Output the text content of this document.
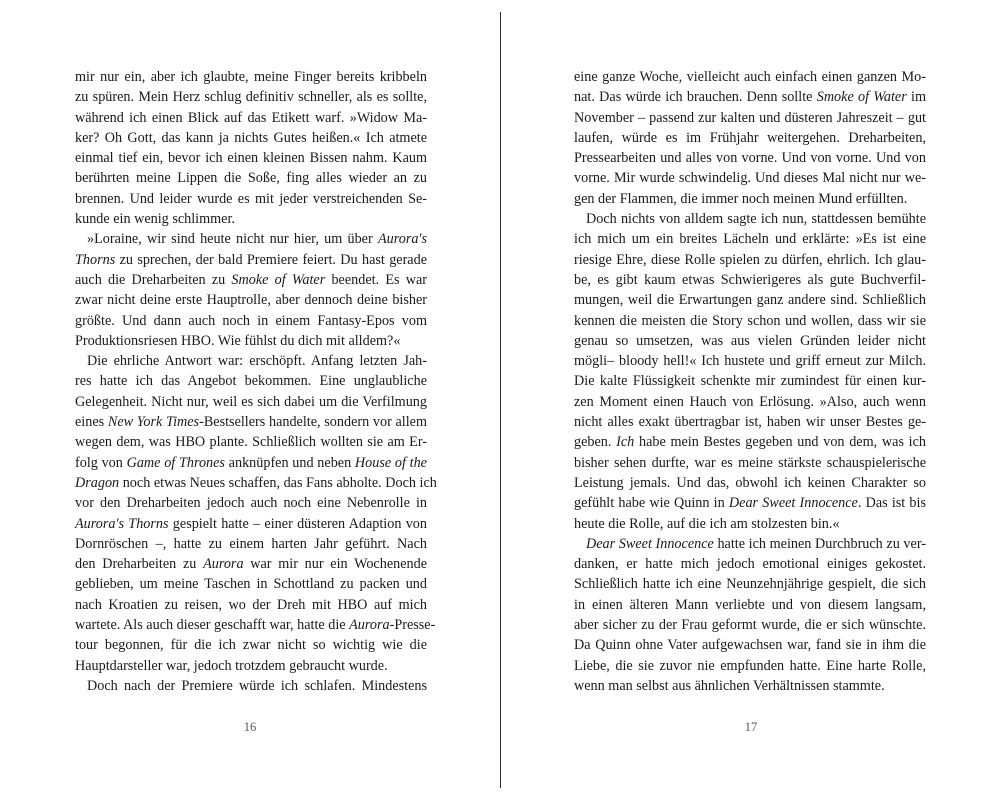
mir nur ein, aber ich glaubte, meine Finger bereits kribbeln
zu spüren. Mein Herz schlug definitiv schneller, als es sollte,
während ich einen Blick auf das Etikett warf. »Widow Ma-
ker? Oh Gott, das kann ja nichts Gutes heißen.« Ich atmete
einmal tief ein, bevor ich einen kleinen Bissen nahm. Kaum
berührten meine Lippen die Soße, fing alles wieder an zu
brennen. Und leider wurde es mit jeder verstreichenden Se-
kunde ein wenig schlimmer.
»Loraine, wir sind heute nicht nur hier, um über Aurora's
Thorns zu sprechen, der bald Premiere feiert. Du hast gerade
auch die Dreharbeiten zu Smoke of Water beendet. Es war
zwar nicht deine erste Hauptrolle, aber dennoch deine bisher
größte. Und dann auch noch in einem Fantasy-Epos vom
Produktionsriesen HBO. Wie fühlst du dich mit alldem?«
Die ehrliche Antwort war: erschöpft. Anfang letzten Jah-
res hatte ich das Angebot bekommen. Eine unglaubliche
Gelegenheit. Nicht nur, weil es sich dabei um die Verfilmung
eines New York Times-Bestsellers handelte, sondern vor allem
wegen dem, was HBO plante. Schließlich wollten sie am Er-
folg von Game of Thrones anknüpfen und neben House of the
Dragon noch etwas Neues schaffen, das Fans abholte. Doch ich
vor den Dreharbeiten jedoch auch noch eine Nebenrolle in
Aurora's Thorns gespielt hatte – einer düsteren Adaption von
Dornröschen –, hatte zu einem harten Jahr geführt. Nach
den Dreharbeiten zu Aurora war mir nur ein Wochenende
geblieben, um meine Taschen in Schottland zu packen und
nach Kroatien zu reisen, wo der Dreh mit HBO auf mich
wartete. Als auch dieser geschafft war, hatte die Aurora-Presse-
tour begonnen, für die ich zwar nicht so wichtig wie die
Hauptdarsteller war, jedoch trotzdem gebraucht wurde.
Doch nach der Premiere würde ich schlafen. Mindestens
16
eine ganze Woche, vielleicht auch einfach einen ganzen Mo-
nat. Das würde ich brauchen. Denn sollte Smoke of Water im
November – passend zur kalten und düsteren Jahreszeit – gut
laufen, würde es im Frühjahr weitergehen. Dreharbeiten,
Pressearbeiten und alles von vorne. Und von vorne. Und von
vorne. Mir wurde schwindelig. Und dieses Mal nicht nur we-
gen der Flammen, die immer noch meinen Mund erfüllten.
Doch nichts von alldem sagte ich nun, stattdessen bemühte
ich mich um ein breites Lächeln und erklärte: »Es ist eine
riesige Ehre, diese Rolle spielen zu dürfen, ehrlich. Ich glau-
be, es gibt kaum etwas Schwierigeres als gute Buchverfil-
mungen, weil die Erwartungen ganz andere sind. Schließlich
kennen die meisten die Story schon und wollen, dass wir sie
genau so umsetzen, was aus vielen Gründen leider nicht
mögli– bloody hell!« Ich hustete und griff erneut zur Milch.
Die kalte Flüssigkeit schenkte mir zumindest für einen kur-
zen Moment einen Hauch von Erlösung. »Also, auch wenn
nicht alles exakt übertragbar ist, haben wir unser Bestes ge-
geben. Ich habe mein Bestes gegeben und von dem, was ich
bisher sehen durfte, war es meine stärkste schauspielerische
Leistung jemals. Und das, obwohl ich keinen Charakter so
gefühlt habe wie Quinn in Dear Sweet Innocence. Das ist bis
heute die Rolle, auf die ich am stolzesten bin.«
Dear Sweet Innocence hatte ich meinen Durchbruch zu ver-
danken, er hatte mich jedoch emotional einiges gekostet.
Schließlich hatte ich eine Neunzehnjährige gespielt, die sich
in einen älteren Mann verliebte und von diesem langsam,
aber sicher zu der Frau geformt wurde, die er sich wünschte.
Da Quinn ohne Vater aufgewachsen war, fand sie in ihm die
Liebe, die sie zuvor nie empfunden hatte. Eine harte Rolle,
wenn man selbst aus ähnlichen Verhältnissen stammte.
17
